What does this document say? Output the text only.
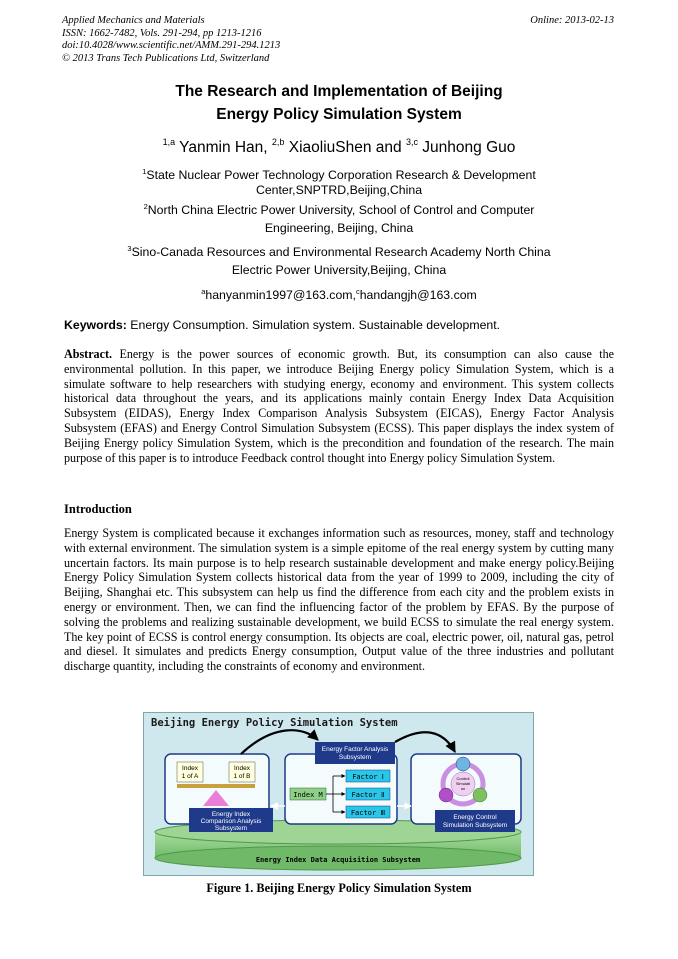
Applied Mechanics and Materials
ISSN: 1662-7482, Vols. 291-294, pp 1213-1216
doi:10.4028/www.scientific.net/AMM.291-294.1213
© 2013 Trans Tech Publications Ltd, Switzerland
Online: 2013-02-13
The Research and Implementation of Beijing
Energy Policy Simulation System
$^{1,a}$ Yanmin Han, $^{2,b}$ XiaoliuShen and $^{3,c}$ Junhong Guo
$^1$State Nuclear Power Technology Corporation Research & Development
Center,SNPTRD,Beijing,China
$^2$North China Electric Power University, School of Control and Computer
Engineering, Beijing, China
$^3$Sino-Canada Resources and Environmental Research Academy North China
Electric Power University,Beijing, China
$^a$hanyanmin1997@163.com,$^c$handangjh@163.com
Keywords: Energy Consumption. Simulation system. Sustainable development.
Abstract. Energy is the power sources of economic growth. But, its consumption can also cause the environmental pollution. In this paper, we introduce Beijing Energy policy Simulation System, which is a simulate software to help researchers with studying energy, economy and environment. This system collects historical data throughout the years, and its applications mainly contain Energy Index Data Acquisition Subsystem (EIDAS), Energy Index Comparison Analysis Subsystem (EICAS), Energy Factor Analysis Subsystem (EFAS) and Energy Control Simulation Subsystem (ECSS). This paper displays the index system of Beijing Energy policy Simulation System, which is the precondition and foundation of the research. The main purpose of this paper is to introduce Feedback control thought into Energy policy Simulation System.
Introduction
Energy System is complicated because it exchanges information such as resources, money, staff and technology with external environment. The simulation system is a simple epitome of the real energy system by cutting many uncertain factors. Its main purpose is to help research sustainable development and make energy policy.Beijing Energy Policy Simulation System collects historical data from the year of 1999 to 2009, including the city of Beijing, Shanghai etc. This subsystem can help us find the difference from each city and the problem exists in energy or environment. Then, we can find the influencing factor of the problem by EFAS. By the purpose of solving the problems and realizing sustainable development, we build ECSS to simulate the real energy system. The key point of ECSS is control energy consumption. Its objects are coal, electric power, oil, natural gas, petrol and diesel. It simulates and predicts Energy consumption, Output value of the three industries and pollutant discharge quantity, including the constraints of economy and environment.
Beijing Energy Policy Simulation System
Energy Index Data Acquisition Subsystem
Index
1 of A
Index
1 of B
Energy Index
Comparison Analysis
Subsystem
Energy Factor Analysis
Subsystem
Index M
Factor Ⅰ
Factor Ⅱ
Factor Ⅲ
Control
Simulati
on
Energy Control
Simulation Subsystem
Figure 1. Beijing Energy Policy Simulation System
